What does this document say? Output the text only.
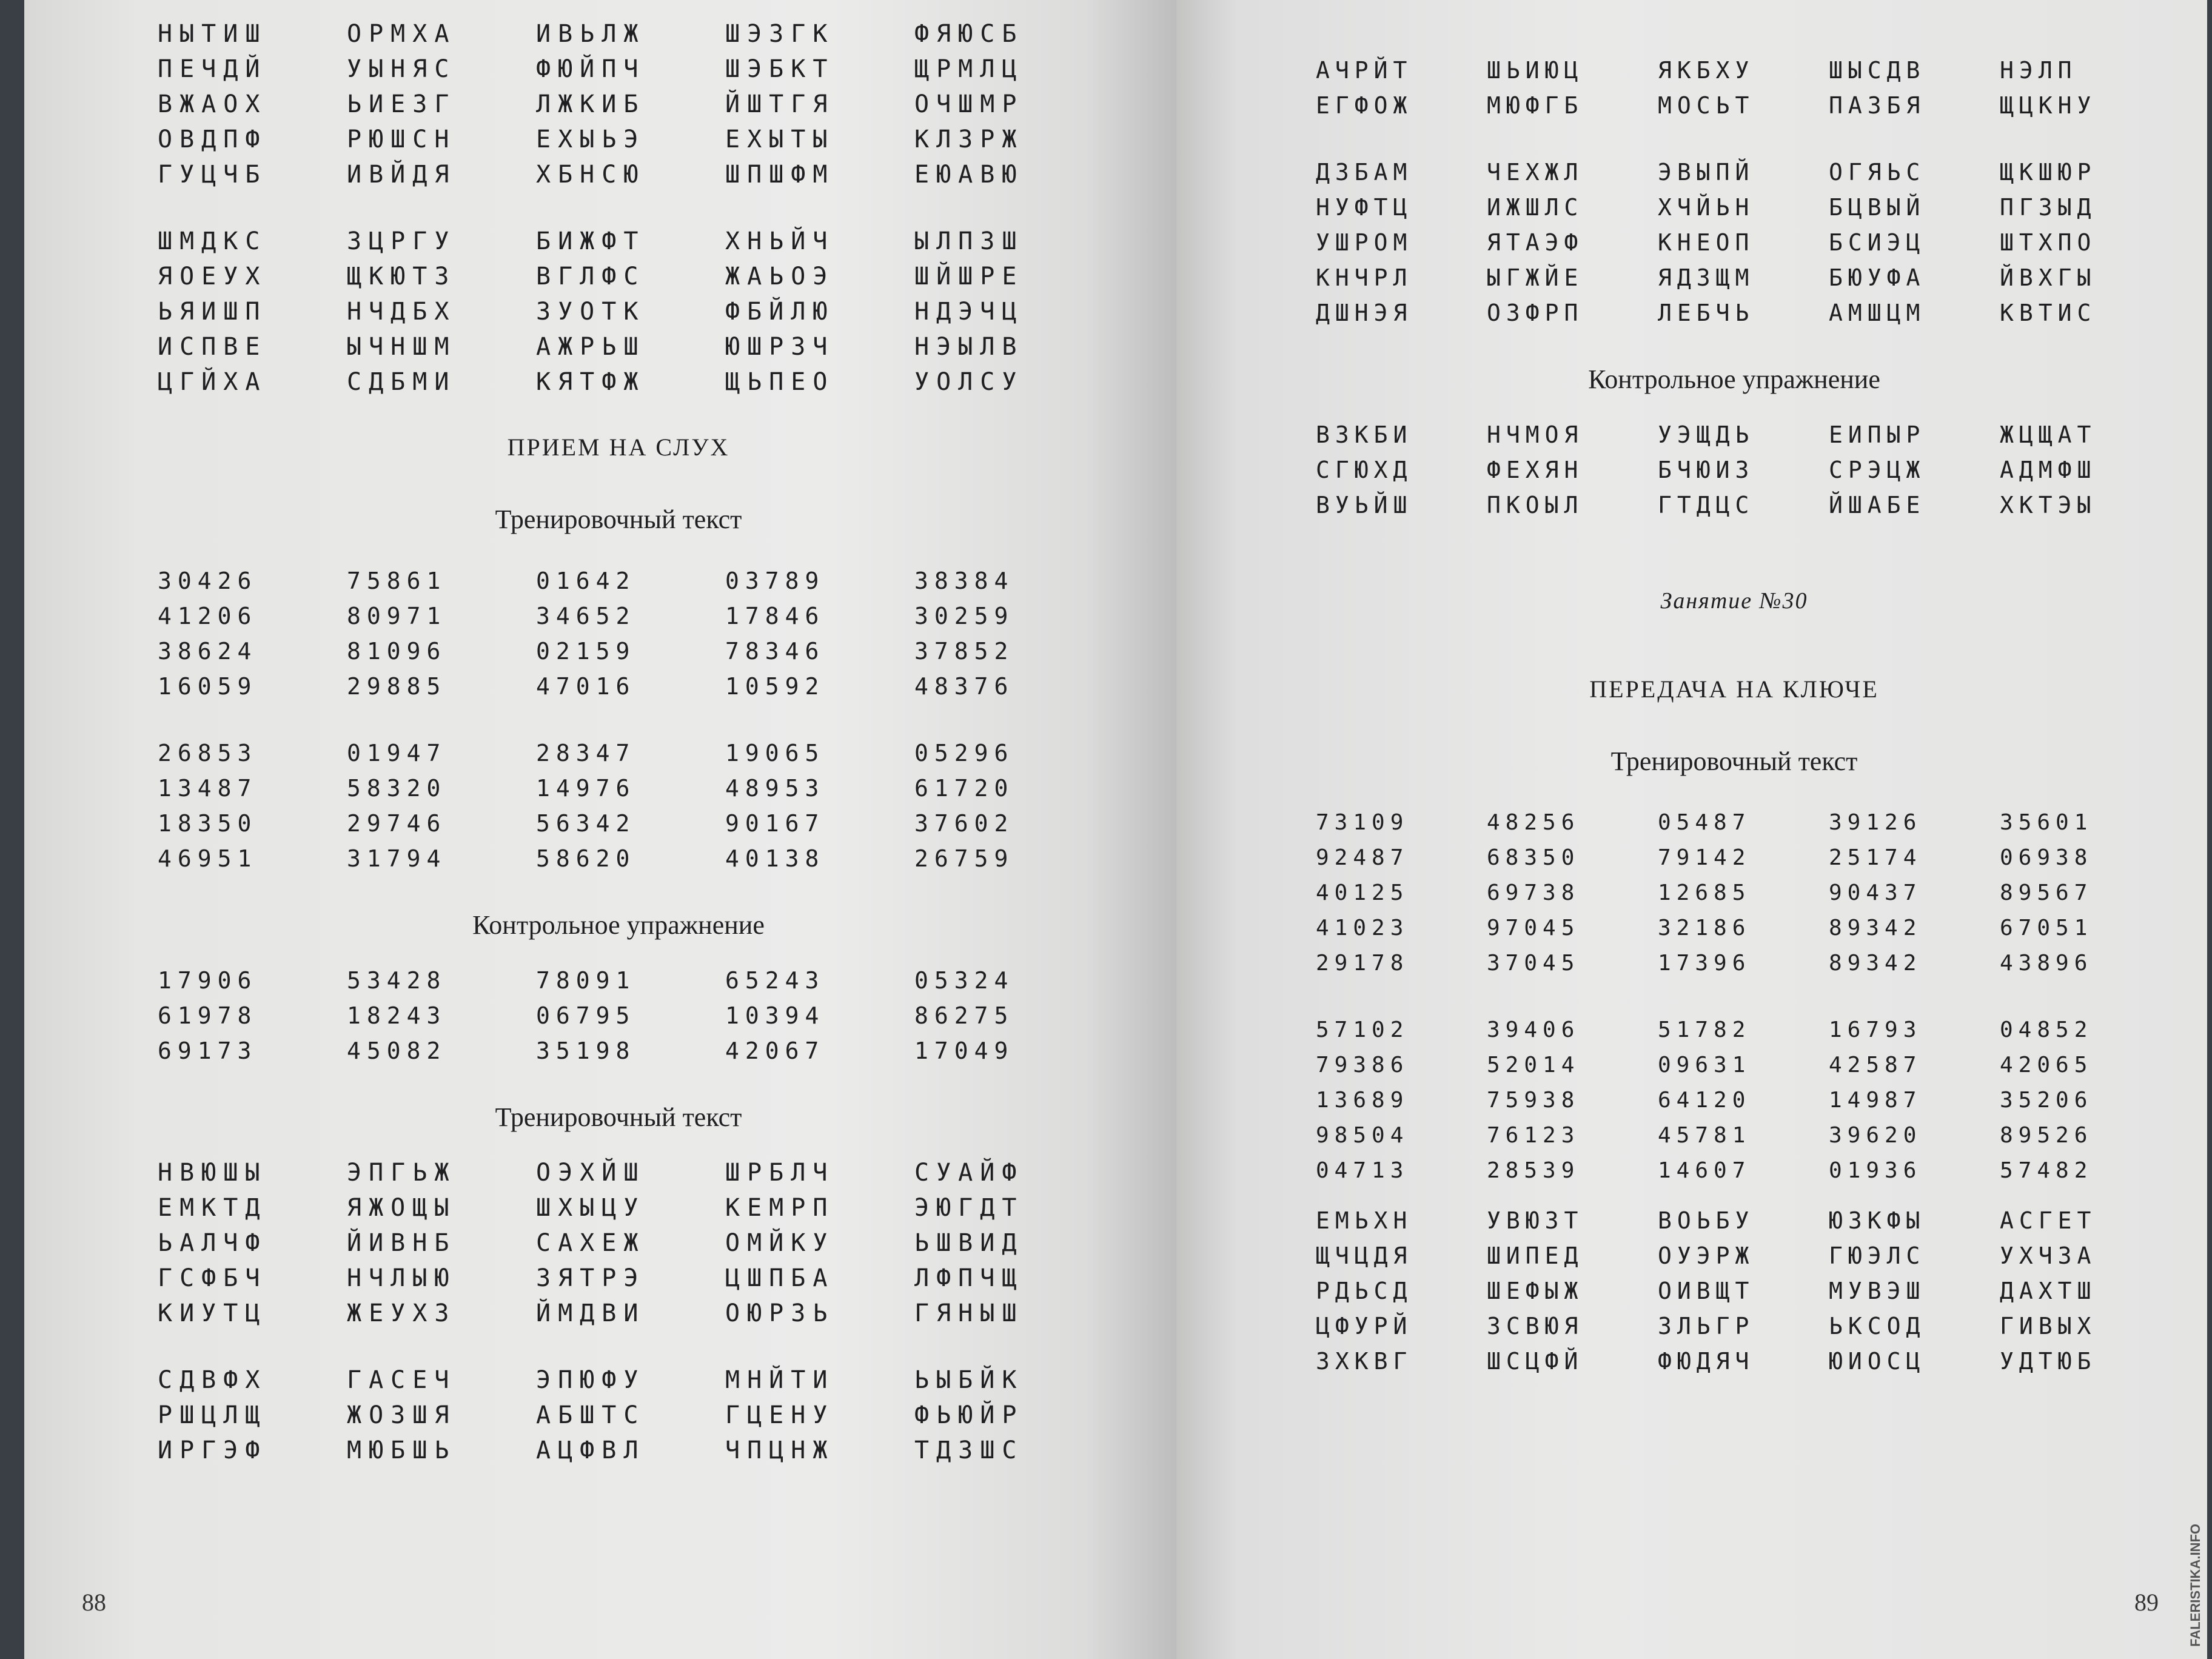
НЫТИШ	ОРМХА	ИВЬЛЖ	ШЭЗГК	ФЯЮСБ
ПЕЧДЙ	УЫНЯС	ФЮЙПЧ	ШЭБКТ	ЩРМЛЦ
ВЖАОХ	ЬИЕЗГ	ЛЖКИБ	ЙШТГЯ	ОЧШМР
ОВДПФ	РЮШСН	ЕХЫЬЭ	ЕХЫТЫ	КЛЗРЖ
ГУЦЧБ	ИВЙДЯ	ХБНСЮ	ШПШФМ	ЕЮАВЮ
ШМДКС	ЗЦРГУ	БИЖФТ	ХНЬЙЧ	ЫЛПЗШ
ЯОЕУХ	ЩКЮТЗ	ВГЛФС	ЖАЬОЭ	ШЙШРЕ
ЬЯИШП	НЧДБХ	ЗУОТК	ФБЙЛЮ	НДЭЧЦ
ИСПВЕ	ЫЧНШМ	АЖРЬШ	ЮШРЗЧ	НЭЫЛВ
ЦГЙХА	СДБМИ	КЯТФЖ	ЩЬПЕО	УОЛСУ
ПРИЕМ НА СЛУХ
Тренировочный текст
30426	75861	01642	03789	38384
41206	80971	34652	17846	30259
38624	81096	02159	78346	37852
16059	29885	47016	10592	48376
26853	01947	28347	19065	05296
13487	58320	14976	48953	61720
18350	29746	56342	90167	37602
46951	31794	58620	40138	26759
Контрольное упражнение
17906	53428	78091	65243	05324
61978	18243	06795	10394	86275
69173	45082	35198	42067	17049
Тренировочный текст
НВЮШЫ	ЭПГЬЖ	ОЭХЙШ	ШРБЛЧ	СУАЙФ
ЕМКТД	ЯЖОЩЫ	ШХЫЦУ	КЕМРП	ЭЮГДТ
ЬАЛЧФ	ЙИВНБ	САХЕЖ	ОМЙКУ	ЬШВИД
ГСФБЧ	НЧЛЫЮ	ЗЯТРЭ	ЦШПБА	ЛФПЧЩ
КИУТЦ	ЖЕУХЗ	ЙМДВИ	ОЮРЗЬ	ГЯНЫШ
СДВФХ	ГАСЕЧ	ЭПЮФУ	МНЙТИ	ЬЫБЙК
РШЦЛЩ	ЖОЗШЯ	АБШТС	ГЦЕНУ	ФЬЮЙР
ИРГЭФ	МЮБШЬ	АЦФВЛ	ЧПЦНЖ	ТДЗШС
88
АЧРЙТ	ШЬИЮЦ	ЯКБХУ	ШЫСДВ	НЭЛП
ЕГФОЖ	МЮФГБ	МОСЬТ	ПАЗБЯ	ЩЦКНУ
ДЗБАМ	ЧЕХЖЛ	ЭВЫПЙ	ОГЯЬС	ЩКШЮР
НУФТЦ	ИЖШЛС	ХЧЙЬН	БЦВЫЙ	ПГЗЫД
УШРОМ	ЯТАЭФ	КНЕОП	БСИЭЦ	ШТХПО
КНЧРЛ	ЫГЖЙЕ	ЯДЗЩМ	БЮУФА	ЙВХГЫ
ДШНЭЯ	ОЗФРП	ЛЕБЧЬ	АМШЦМ	КВТИС
Контрольное упражнение
ВЗКБИ	НЧМОЯ	УЭЩДЬ	ЕИПЫР	ЖЦЩАТ
СГЮХД	ФЕХЯН	БЧЮИЗ	СРЭЦЖ	АДМФШ
ВУЬЙШ	ПКОЫЛ	ГТДЦС	ЙШАБЕ	ХКТЭЫ
Занятие №30
ПЕРЕДАЧА НА КЛЮЧЕ
Тренировочный текст
73109	48256	05487	39126	35601
92487	68350	79142	25174	06938
40125	69738	12685	90437	89567
41023	97045	32186	89342	67051
29178	37045	17396	89342	43896
57102	39406	51782	16793	04852
79386	52014	09631	42587	42065
13689	75938	64120	14987	35206
98504	76123	45781	39620	89526
04713	28539	14607	01936	57482
ЕМЬХН	УВЮЗТ	ВОЬБУ	ЮЗКФЫ	АСГЕТ
ЩЧЦДЯ	ШИПЕД	ОУЭРЖ	ГЮЭЛС	УХЧЗА
РДЬСД	ШЕФЫЖ	ОИВЩТ	МУВЭШ	ДАХТШ
ЦФУРЙ	ЗСВЮЯ	ЗЛЬГР	ЬКСОД	ГИВЫХ
ЗХКВГ	ШСЦФЙ	ФЮДЯЧ	ЮИОСЦ	УДТЮБ
89 FALERISTIKA.INFO
